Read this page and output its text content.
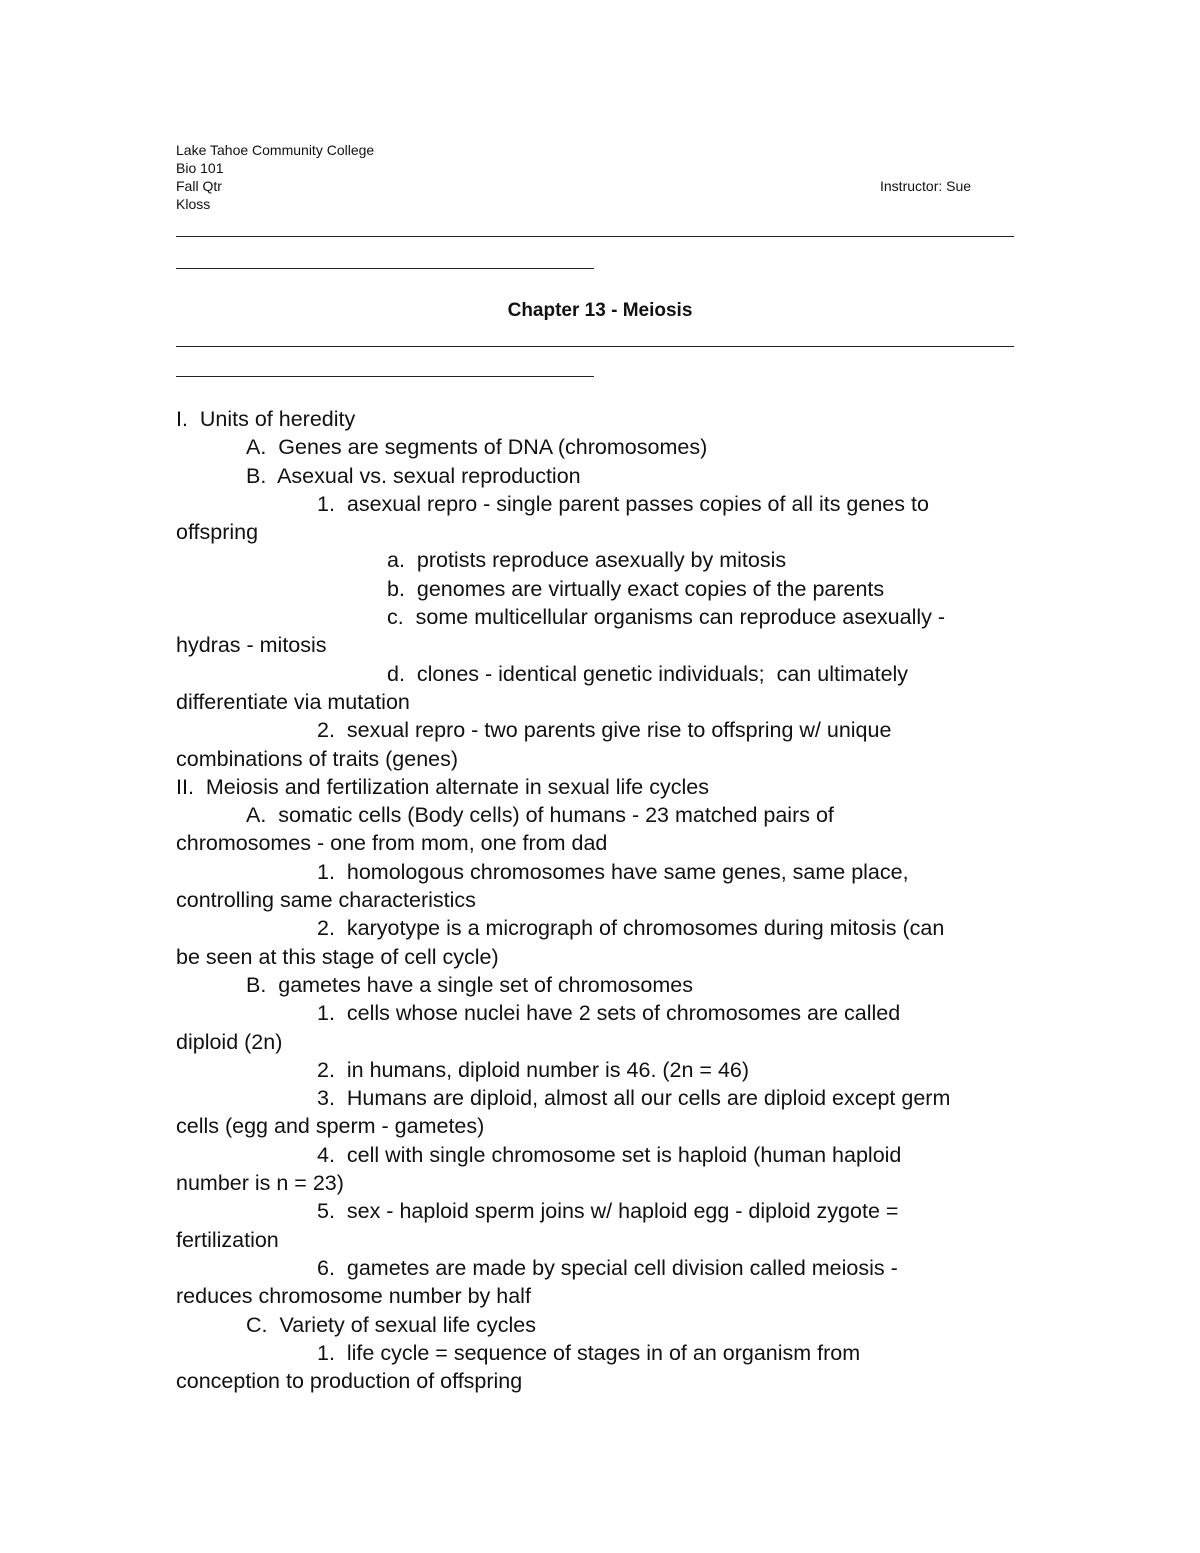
Lake Tahoe Community College
Bio 101
Fall Qtr	Instructor: Sue
Kloss
Chapter 13 - Meiosis
I.  Units of heredity
A.  Genes are segments of DNA (chromosomes)
B.  Asexual vs. sexual reproduction
1.  asexual repro - single parent passes copies of all its genes to
offspring
a.  protists reproduce asexually by mitosis
b.  genomes are virtually exact copies of the parents
c.  some multicellular organisms can reproduce asexually -
hydras - mitosis
d.  clones - identical genetic individuals;  can ultimately
differentiate via mutation
2.  sexual repro - two parents give rise to offspring w/ unique
combinations of traits (genes)
II.  Meiosis and fertilization alternate in sexual life cycles
A.  somatic cells (Body cells) of humans - 23 matched pairs of
chromosomes - one from mom, one from dad
1.  homologous chromosomes have same genes, same place,
controlling same characteristics
2.  karyotype is a micrograph of chromosomes during mitosis (can
be seen at this stage of cell cycle)
B.  gametes have a single set of chromosomes
1.  cells whose nuclei have 2 sets of chromosomes are called
diploid (2n)
2.  in humans, diploid number is 46. (2n = 46)
3.  Humans are diploid, almost all our cells are diploid except germ
cells (egg and sperm - gametes)
4.  cell with single chromosome set is haploid (human haploid
number is n = 23)
5.  sex - haploid sperm joins w/ haploid egg - diploid zygote =
fertilization
6.  gametes are made by special cell division called meiosis -
reduces chromosome number by half
C.  Variety of sexual life cycles
1.  life cycle = sequence of stages in of an organism from
conception to production of offspring
